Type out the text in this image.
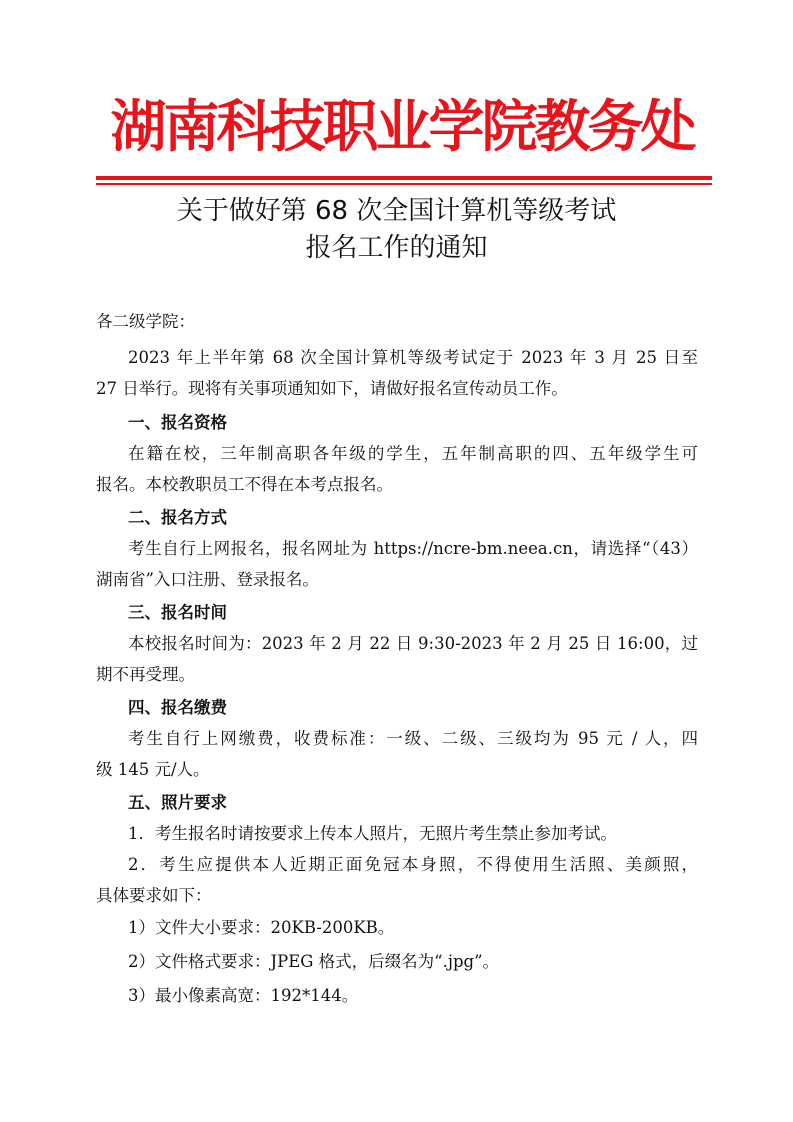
湖南科技职业学院教务处
关于做好第 68 次全国计算机等级考试
报名工作的通知
各二级学院：
2023 年上半年第 68 次全国计算机等级考试定于 2023 年 3 月 25 日至
27 日举行。现将有关事项通知如下，请做好报名宣传动员工作。
一、报名资格
在籍在校，三年制高职各年级的学生，五年制高职的四、五年级学生可
报名。本校教职员工不得在本考点报名。
二、报名方式
考生自行上网报名，报名网址为 https://ncre-bm.neea.cn，请选择“（43）
湖南省”入口注册、登录报名。
三、报名时间
本校报名时间为：2023 年 2 月 22 日 9:30-2023 年 2 月 25 日 16:00，过
期不再受理。
四、报名缴费
考生自行上网缴费，收费标准：一级、二级、三级均为 95 元 / 人，四
级 145 元/人。
五、照片要求
1．考生报名时请按要求上传本人照片，无照片考生禁止参加考试。
2．考生应提供本人近期正面免冠本身照，不得使用生活照、美颜照，
具体要求如下：
1）文件大小要求：20KB-200KB。
2）文件格式要求：JPEG 格式，后缀名为“.jpg”。
3）最小像素高宽：192*144。
